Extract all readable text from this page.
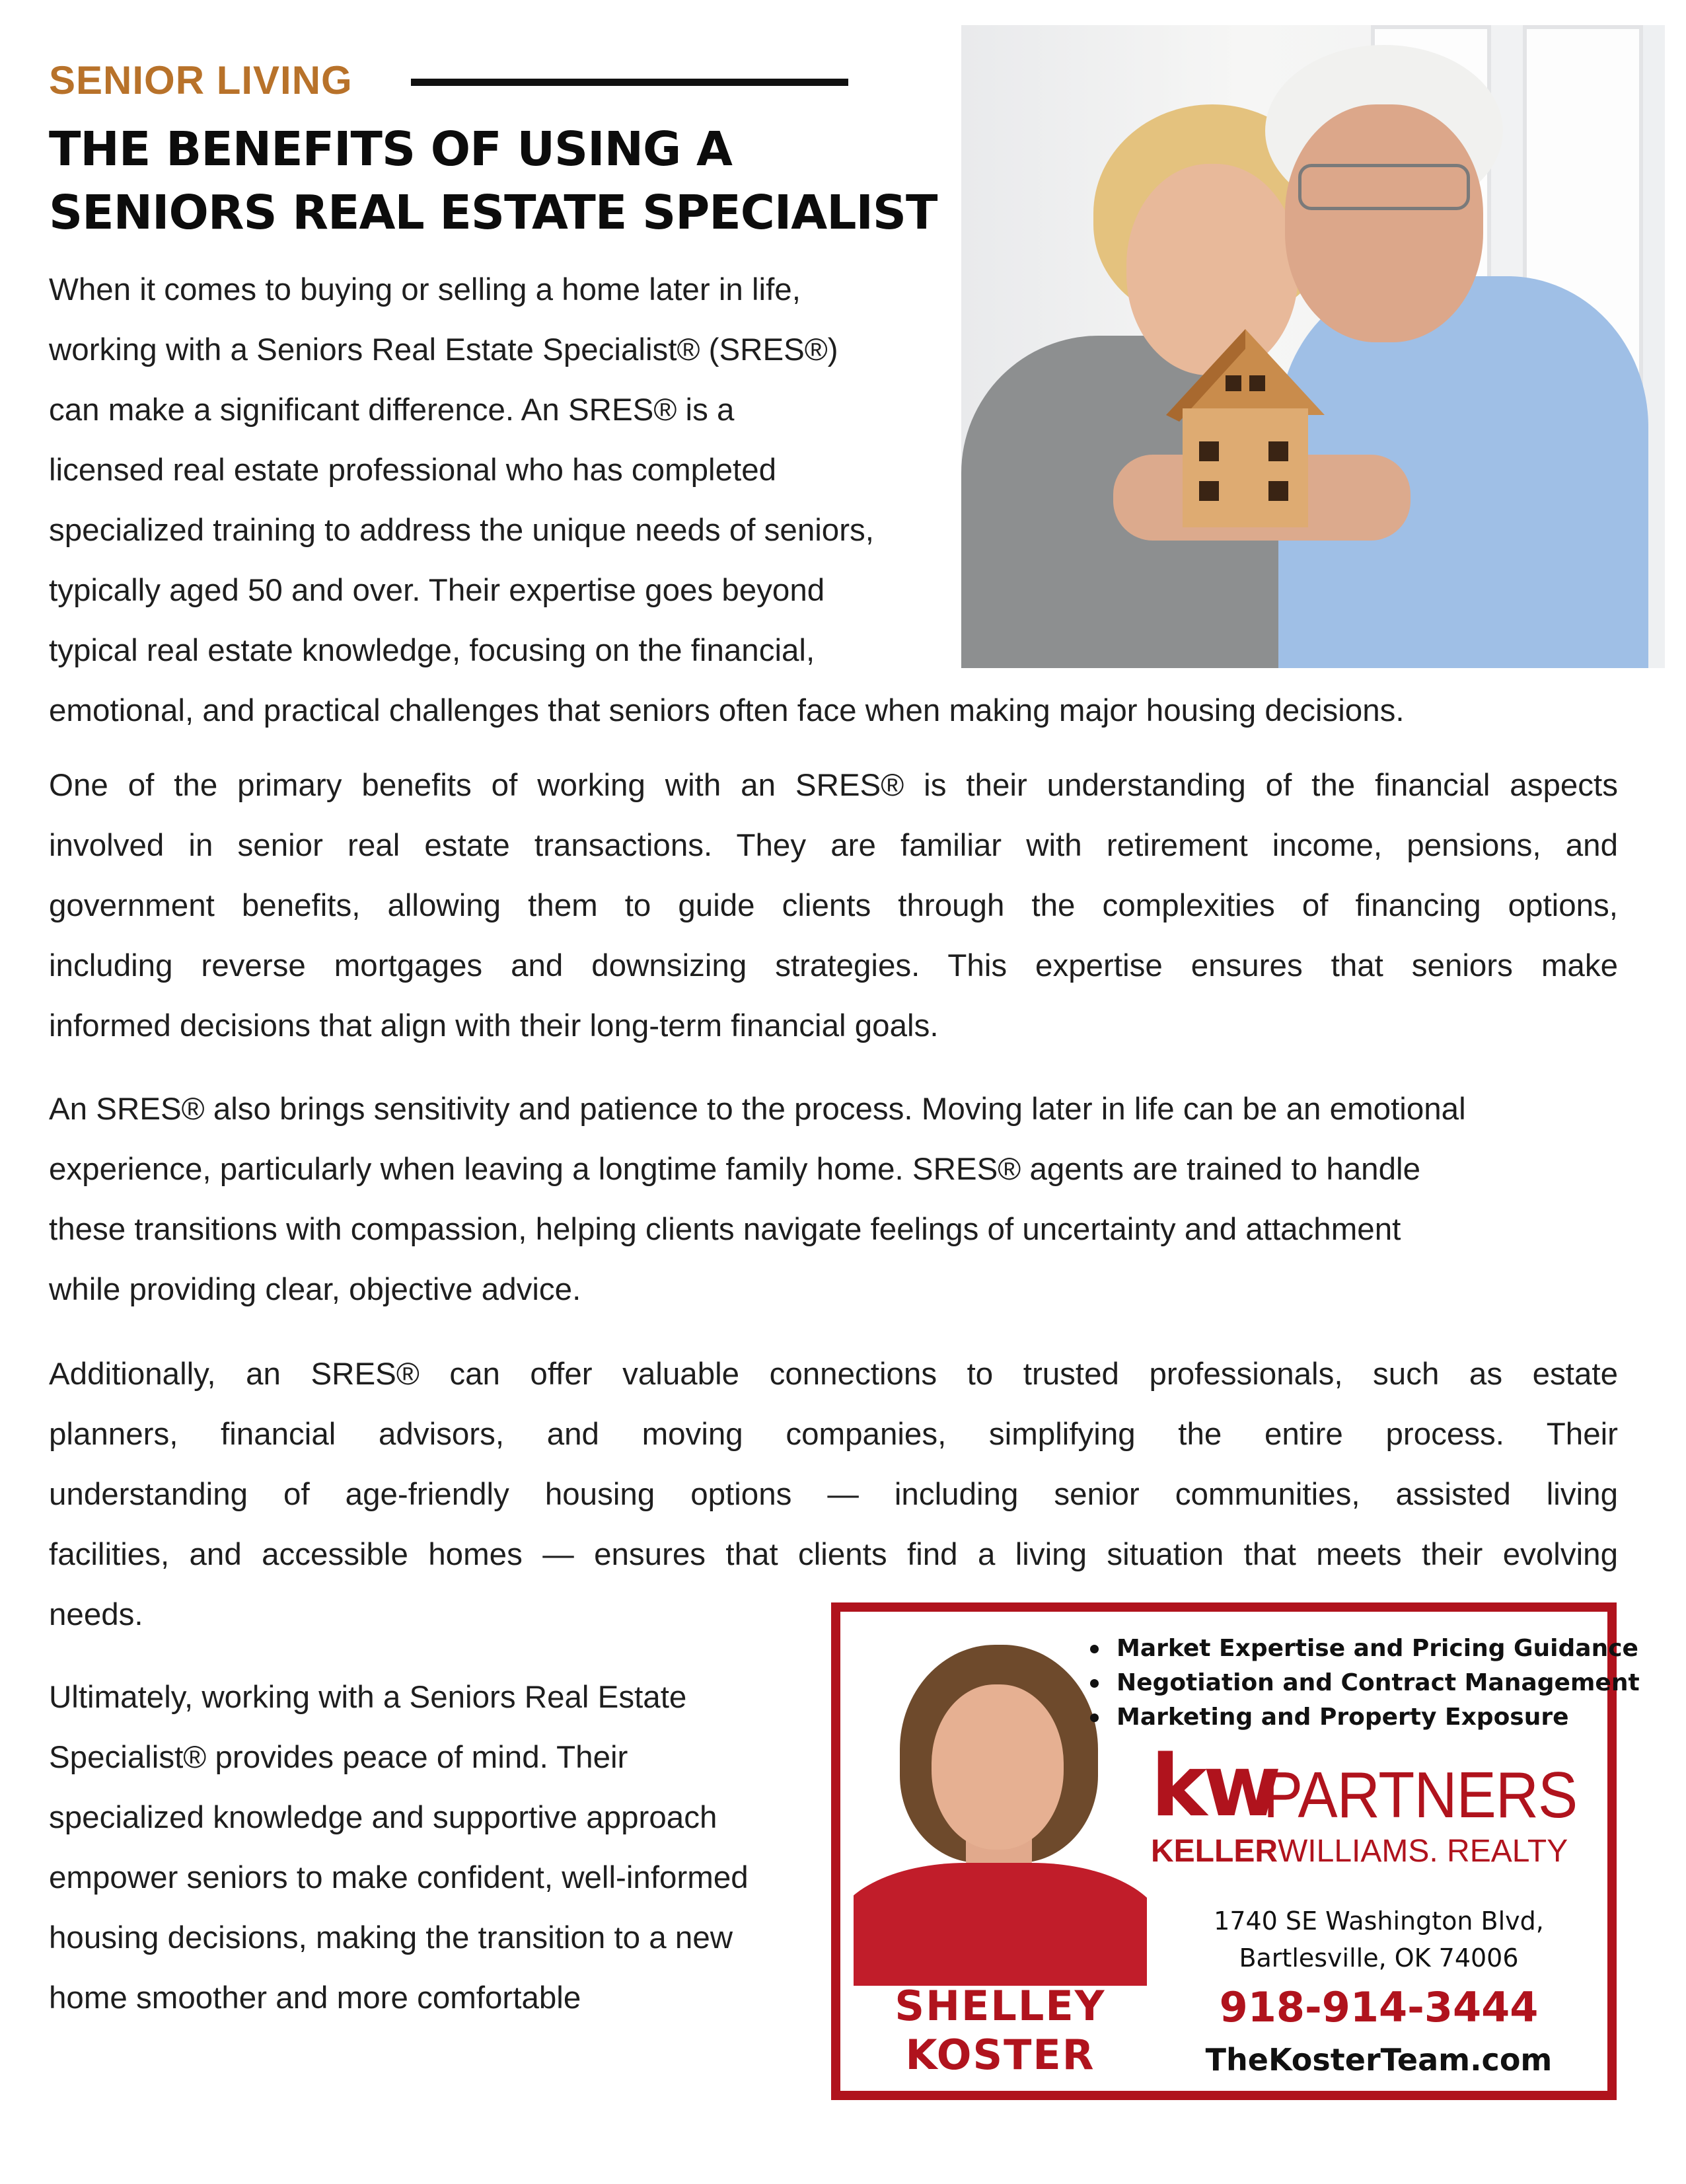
SENIOR LIVING
THE BENEFITS OF USING A
SENIORS REAL ESTATE SPECIALIST
When it comes to buying or selling a home later in life,
working with a Seniors Real Estate Specialist® (SRES®)
can make a significant difference. An SRES® is a
licensed real estate professional who has completed
specialized training to address the unique needs of seniors,
typically aged 50 and over. Their expertise goes beyond
typical real estate knowledge, focusing on the financial,
emotional, and practical challenges that seniors often face when making major housing decisions.
One of the primary benefits of working with an SRES® is their understanding of the financial aspects
involved in senior real estate transactions. They are familiar with retirement income, pensions, and
government benefits, allowing them to guide clients through the complexities of financing options,
including reverse mortgages and downsizing strategies. This expertise ensures that seniors make
informed decisions that align with their long-term financial goals.
An SRES® also brings sensitivity and patience to the process. Moving later in life can be an emotional
experience, particularly when leaving a longtime family home. SRES® agents are trained to handle
these transitions with compassion, helping clients navigate feelings of uncertainty and attachment
while providing clear, objective advice.
Additionally, an SRES® can offer valuable connections to trusted professionals, such as estate
planners, financial advisors, and moving companies, simplifying the entire process. Their
understanding of age-friendly housing options — including senior communities, assisted living
facilities, and accessible homes — ensures that clients find a living situation that meets their evolving
needs.
Ultimately, working with a Seniors Real Estate
Specialist® provides peace of mind. Their
specialized knowledge and supportive approach
empower seniors to make confident, well-informed
housing decisions, making the transition to a new
home smoother and more comfortable	SHELLEY
KOSTER
Market Expertise and Pricing Guidance
Negotiation and Contract Management
Marketing and Property Exposure
kw
PARTNERS
KELLERWILLIAMS. REALTY

1740 SE Washington Blvd,
Bartlesville, OK 74006

918-914-3444

TheKosterTeam.com
